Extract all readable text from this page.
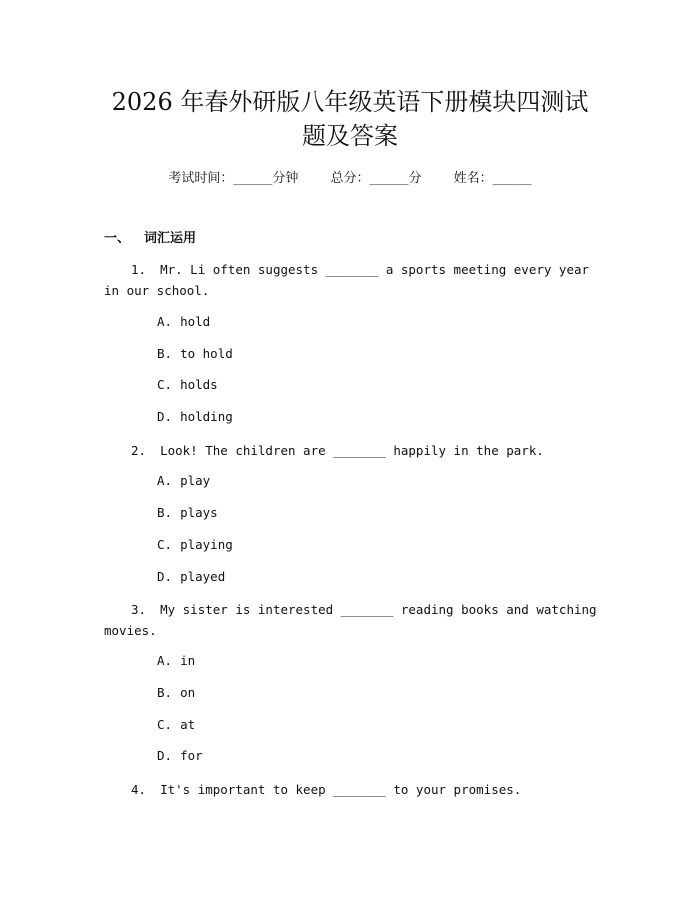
2026 年春外研版八年级英语下册模块四测试
题及答案
考试时间：______分钟 总分：______分 姓名：______
一、 词汇运用

1. Mr. Li often suggests _______ a sports meeting every year in our school.

A. hold
B. to hold
C. holds
D. holding

2. Look! The children are _______ happily in the park.

A. play
B. plays
C. playing
D. played

3. My sister is interested _______ reading books and watching movies.

A. in
B. on
C. at
D. for

4. It's important to keep _______ to your promises.
